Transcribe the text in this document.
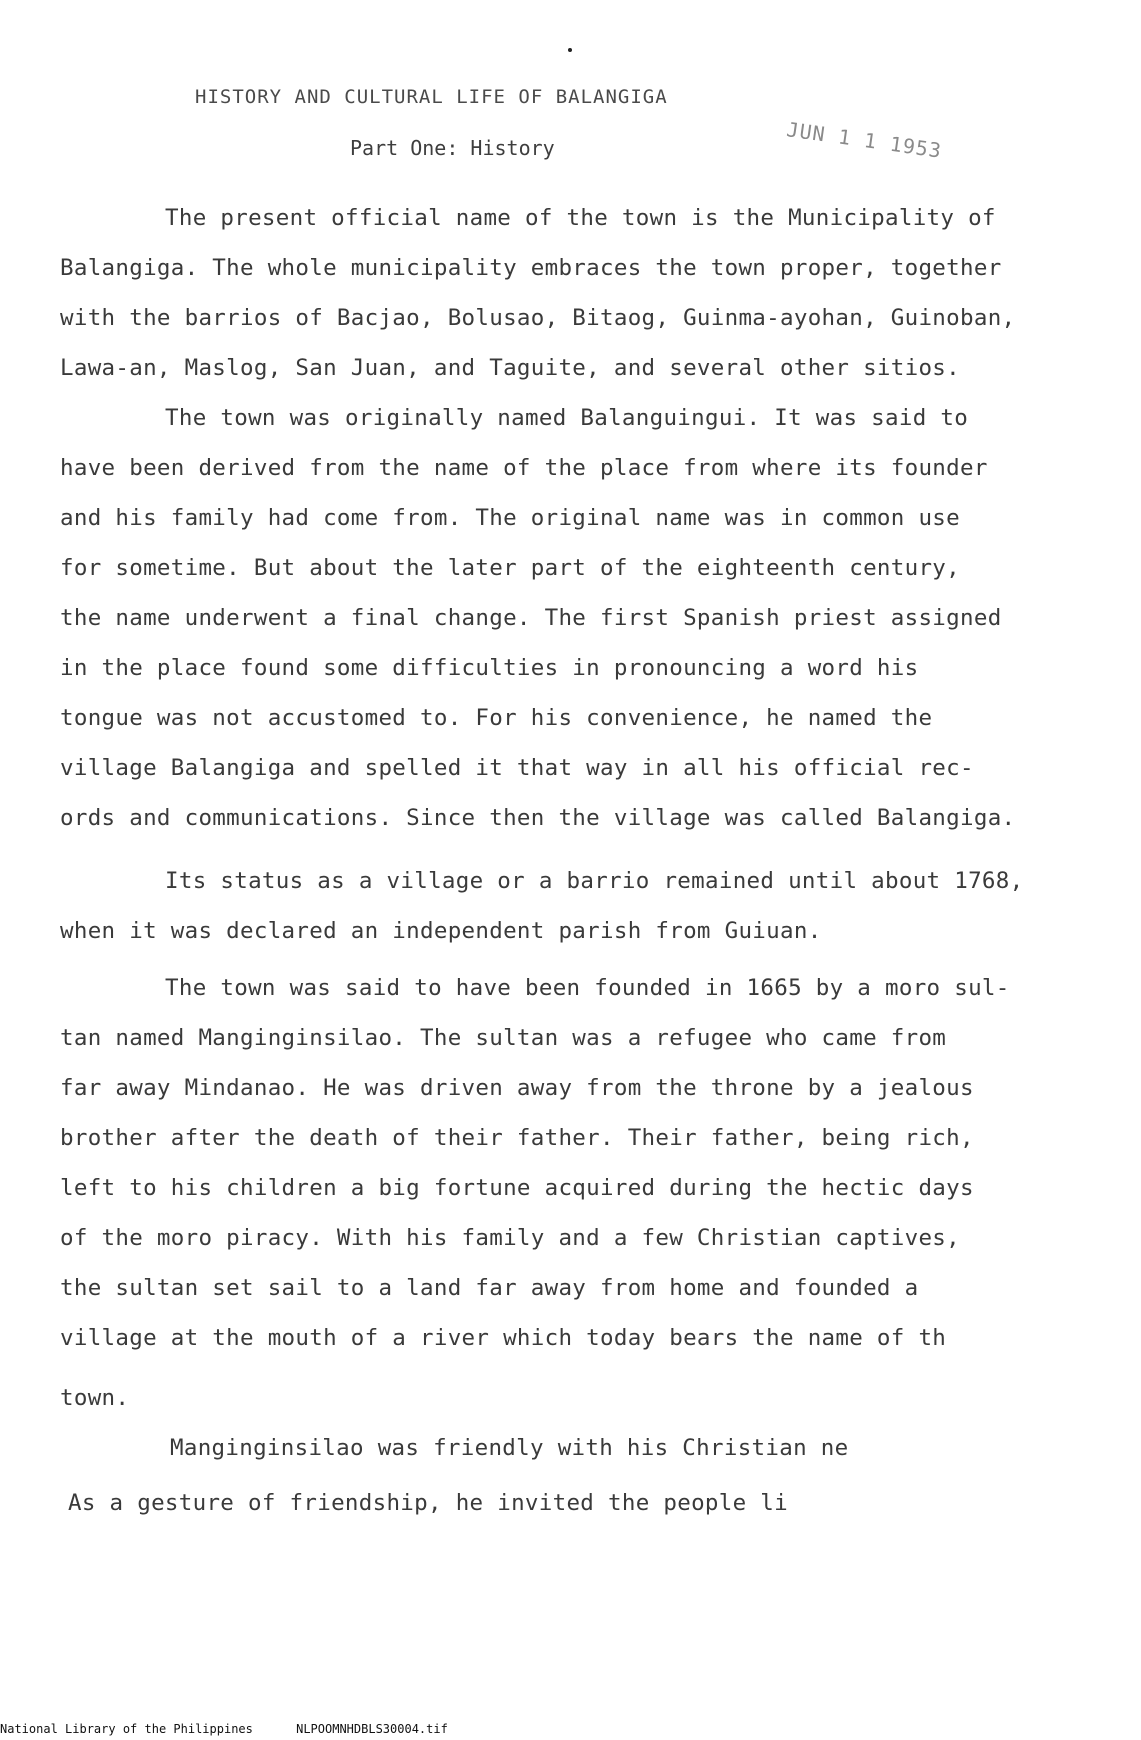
HISTORY AND CULTURAL LIFE OF BALANGIGA
Part One: History	JUN 1 1 1953
The present official name of the town is the Municipality of
Balangiga. The whole municipality embraces the town proper, together
with the barrios of Bacjao, Bolusao, Bitaog, Guinma-ayohan, Guinoban,
Lawa-an, Maslog, San Juan, and Taguite, and several other sitios.
The town was originally named Balanguingui. It was said to
have been derived from the name of the place from where its founder
and his family had come from. The original name was in common use
for sometime. But about the later part of the eighteenth century,
the name underwent a final change. The first Spanish priest assigned
in the place found some difficulties in pronouncing a word his
tongue was not accustomed to. For his convenience, he named the
village Balangiga and spelled it that way in all his official rec-
ords and communications. Since then the village was called Balangiga.
Its status as a village or a barrio remained until about 1768,
when it was declared an independent parish from Guiuan.
The town was said to have been founded in 1665 by a moro sul-
tan named Manginginsilao. The sultan was a refugee who came from
far away Mindanao. He was driven away from the throne by a jealous
brother after the death of their father. Their father, being rich,
left to his children a big fortune acquired during the hectic days
of the moro piracy. With his family and a few Christian captives,
the sultan set sail to a land far away from home and founded a
village at the mouth of a river which today bears the name of th
town.
Manginginsilao was friendly with his Christian ne
As a gesture of friendship, he invited the people li
National Library of the Philippines	NLPOOMNHDBLS30004.tif
